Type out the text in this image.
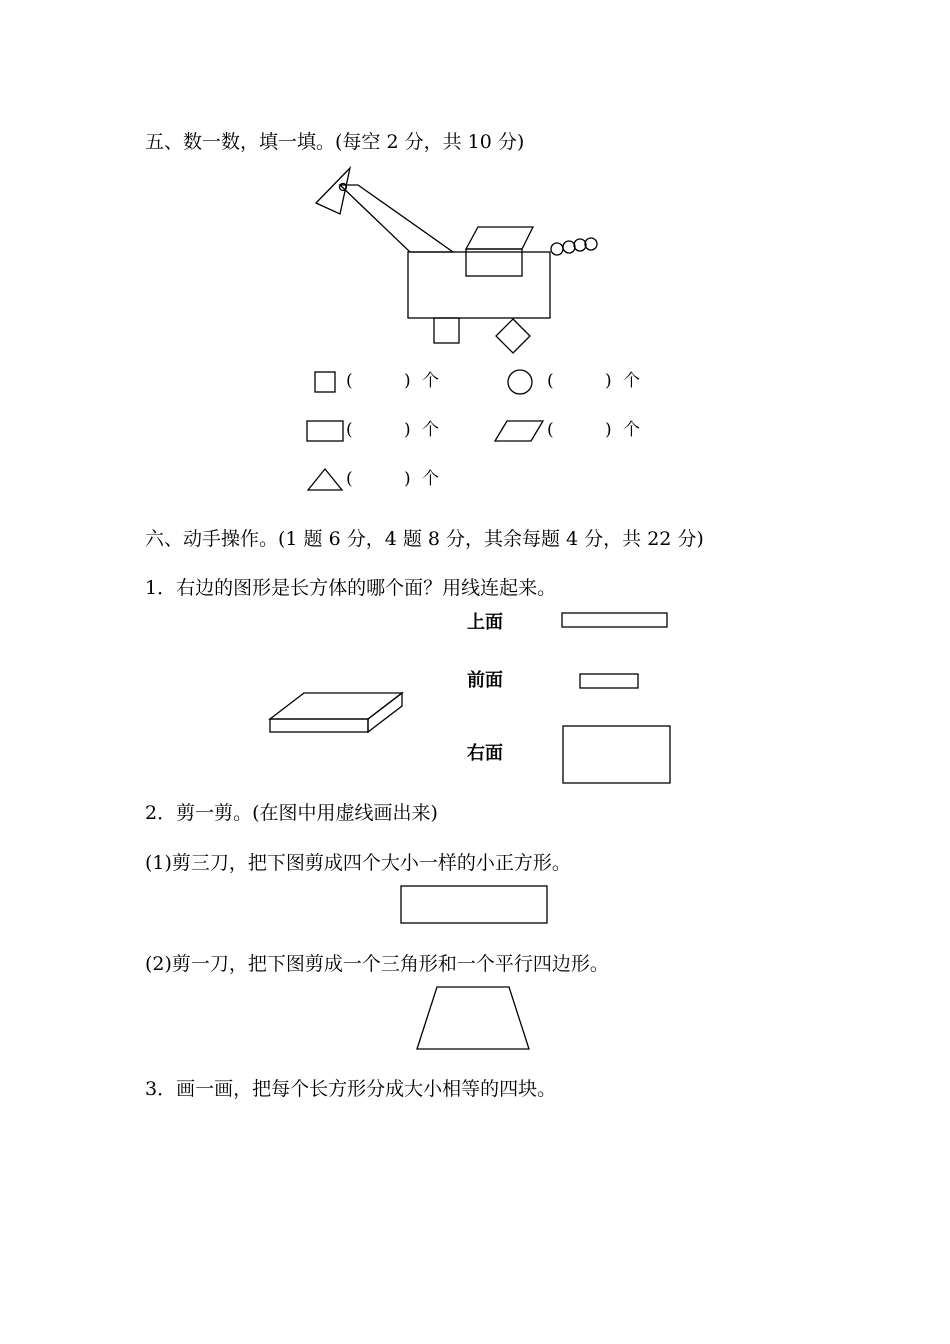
五、数一数，填一填。(每空 2 分，共 10 分)
(	) 个	(	) 个
(	) 个	(	) 个
(	) 个
六、动手操作。(1 题 6 分，4 题 8 分，其余每题 4 分，共 22 分)
1．右边的图形是长方体的哪个面？用线连起来。
上面
前面
右面
2．剪一剪。(在图中用虚线画出来)
(1)剪三刀，把下图剪成四个大小一样的小正方形。
(2)剪一刀，把下图剪成一个三角形和一个平行四边形。
3．画一画，把每个长方形分成大小相等的四块。
